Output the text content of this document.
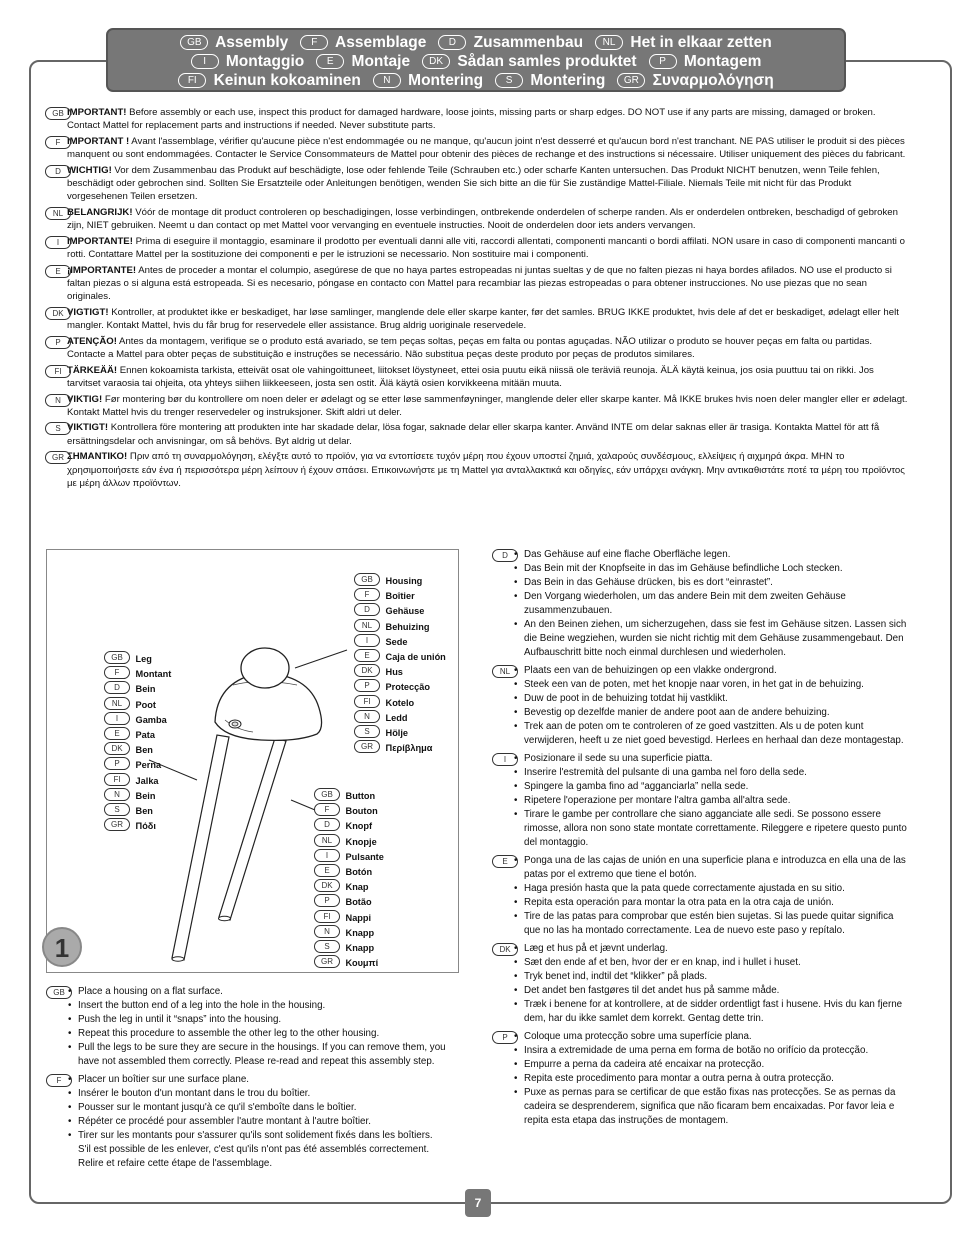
GB Assembly F Assemblage D Zusammenbau NL Het in elkaar zetten
I Montaggio E Montaje DK Sådan samles produktet P Montagem
FI Keinun kokoaminen N Montering S Montering GR Συναρμολόγηση
GB IMPORTANT! Before assembly or each use, inspect this product for damaged hardware, loose joints, missing parts or sharp edges. DO NOT use if any parts are missing, damaged or broken. Contact Mattel for replacement parts and instructions if needed. Never substitute parts.
F IMPORTANT ! Avant l'assemblage, vérifier qu'aucune pièce n'est endommagée ou ne manque, qu'aucun joint n'est desserré et qu'aucun bord n'est tranchant. NE PAS utiliser le produit si des pièces manquent ou sont endommagées. Contacter le Service Consommateurs de Mattel pour obtenir des pièces de rechange et des instructions si nécessaire. Utiliser uniquement des pièces du fabricant.
D WICHTIG! Vor dem Zusammenbau das Produkt auf beschädigte, lose oder fehlende Teile (Schrauben etc.) oder scharfe Kanten untersuchen. Das Produkt NICHT benutzen, wenn Teile fehlen, beschädigt oder gebrochen sind. Sollten Sie Ersatzteile oder Anleitungen benötigen, wenden Sie sich bitte an die für Sie zuständige Mattel-Filiale. Niemals Teile mit nicht für das Produkt vorgesehenen Teilen ersetzen.
NL BELANGRIJK! Vóór de montage dit product controleren op beschadigingen, losse verbindingen, ontbrekende onderdelen of scherpe randen. Als er onderdelen ontbreken, beschadigd of gebroken zijn, NIET gebruiken. Neemt u dan contact op met Mattel voor vervanging en eventuele instructies. Nooit de onderdelen door iets anders vervangen.
I IMPORTANTE! Prima di eseguire il montaggio, esaminare il prodotto per eventuali danni alle viti, raccordi allentati, componenti mancanti o bordi affilati. NON usare in caso di componenti mancanti o rotti. Contattare Mattel per la sostituzione dei componenti e per le istruzioni se necessario. Non sostituire mai i componenti.
E ¡IMPORTANTE! Antes de proceder a montar el columpio, asegúrese de que no haya partes estropeadas ni juntas sueltas y de que no falten piezas ni haya bordes afilados. NO use el producto si faltan piezas o si alguna está estropeada. Si es necesario, póngase en contacto con Mattel para recambiar las piezas estropeadas o para obtener instrucciones. No use piezas que no sean originales.
DK VIGTIGT! Kontroller, at produktet ikke er beskadiget, har løse samlinger, manglende dele eller skarpe kanter, før det samles. BRUG IKKE produktet, hvis dele af det er beskadiget, ødelagt eller helt mangler. Kontakt Mattel, hvis du får brug for reservedele eller assistance. Brug aldrig uoriginale reservedele.
P ATENÇÃO! Antes da montagem, verifique se o produto está avariado, se tem peças soltas, peças em falta ou pontas aguçadas. NÃO utilizar o produto se houver peças em falta ou partidas. Contacte a Mattel para obter peças de substituição e instruções se necessário. Não substitua peças deste produto por peças de produtos similares.
FI TÄRKEÄÄ! Ennen kokoamista tarkista, etteivät osat ole vahingoittuneet, liitokset löystyneet, ettei osia puutu eikä niissä ole teräviä reunoja. ÄLÄ käytä keinua, jos osia puuttuu tai on rikki. Jos tarvitset varaosia tai ohjeita, ota yhteys siihen liikkeeseen, josta sen ostit. Älä käytä osien korvikkeena mitään muuta.
N VIKTIG! Før montering bør du kontrollere om noen deler er ødelagt og se etter løse sammenføyninger, manglende deler eller skarpe kanter. Må IKKE brukes hvis noen deler mangler eller er ødelagt. Kontakt Mattel hvis du trenger reservedeler og instruksjoner. Skift aldri ut deler.
S VIKTIGT! Kontrollera före montering att produkten inte har skadade delar, lösa fogar, saknade delar eller skarpa kanter. Använd INTE om delar saknas eller är trasiga. Kontakta Mattel för att få ersättningsdelar och anvisningar, om så behövs. Byt aldrig ut delar.
GR ΣΗΜΑΝΤΙΚΟ! Πριν από τη συναρμολόγηση, ελέγξτε αυτό το προϊόν, για να εντοπίσετε τυχόν μέρη που έχουν υποστεί ζημιά, χαλαρούς συνδέσμους, ελλείψεις ή αιχμηρά άκρα. ΜΗΝ το χρησιμοποιήσετε εάν ένα ή περισσότερα μέρη λείπουν ή έχουν σπάσει. Επικοινωνήστε με τη Mattel για ανταλλακτικά και οδηγίες, εάν υπάρχει ανάγκη. Μην αντικαθιστάτε ποτέ τα μέρη του προϊόντος με μέρη άλλων προϊόντων.
GB Housing
F Boîtier
D Gehäuse
NL Behuizing
I Sede
E Caja de unión
DK Hus
P Protecção
FI Kotelo
N Ledd
S Hölje
GR Περίβλημα
GB Leg
F Montant
D Bein
NL Poot
I Gamba
E Pata
DK Ben
P Perna
FI Jalka
N Bein
S Ben
GR Πόδι
GB Button
F Bouton
D Knopf
NL Knopje
I Pulsante
E Botón
DK Knap
P Botão
FI Nappi
N Knapp
S Knapp
GR Κουμπί
1
GB	• Place a housing on a flat surface.
• Insert the button end of a leg into the hole in the housing.
• Push the leg in until it “snaps” into the housing.
• Repeat this procedure to assemble the other leg to the other housing.
• Pull the legs to be sure they are secure in the housings. If you can remove them, you have not assembled them correctly. Please re-read and repeat this assembly step.
F	• Placer un boîtier sur une surface plane.
• Insérer le bouton d'un montant dans le trou du boîtier.
• Pousser sur le montant jusqu'à ce qu'il s'emboîte dans le boîtier.
• Répéter ce procédé pour assembler l'autre montant à l'autre boîtier.
• Tirer sur les montants pour s'assurer qu'ils sont solidement fixés dans les boîtiers. S'il est possible de les enlever, c'est qu'ils n'ont pas été assemblés correctement. Relire et refaire cette étape de l'assemblage.
D	• Das Gehäuse auf eine flache Oberfläche legen.
• Das Bein mit der Knopfseite in das im Gehäuse befindliche Loch stecken.
• Das Bein in das Gehäuse drücken, bis es dort “einrastet”.
• Den Vorgang wiederholen, um das andere Bein mit dem zweiten Gehäuse zusammenzubauen.
• An den Beinen ziehen, um sicherzugehen, dass sie fest im Gehäuse sitzen. Lassen sich die Beine wegziehen, wurden sie nicht richtig mit dem Gehäuse zusammengebaut. Den Aufbauschritt bitte noch einmal durchlesen und wiederholen.
NL	• Plaats een van de behuizingen op een vlakke ondergrond.
• Steek een van de poten, met het knopje naar voren, in het gat in de behuizing.
• Duw de poot in de behuizing totdat hij vastklikt.
• Bevestig op dezelfde manier de andere poot aan de andere behuizing.
• Trek aan de poten om te controleren of ze goed vastzitten. Als u de poten kunt verwijderen, heeft u ze niet goed bevestigd. Herlees en herhaal dan deze montagestap.
I	• Posizionare il sede su una superficie piatta.
• Inserire l'estremità del pulsante di una gamba nel foro della sede.
• Spingere la gamba fino ad “agganciarla” nella sede.
• Ripetere l'operazione per montare l'altra gamba all'altra sede.
• Tirare le gambe per controllare che siano agganciate alle sedi. Se possono essere rimosse, allora non sono state montate correttamente. Rileggere e ripetere questo punto del montaggio.
E	• Ponga una de las cajas de unión en una superficie plana e introduzca en ella una de las patas por el extremo que tiene el botón.
• Haga presión hasta que la pata quede correctamente ajustada en su sitio.
• Repita esta operación para montar la otra pata en la otra caja de unión.
• Tire de las patas para comprobar que estén bien sujetas. Si las puede quitar significa que no las ha montado correctamente. Lea de nuevo este paso y repítalo.
DK	• Læg et hus på et jævnt underlag.
• Sæt den ende af et ben, hvor der er en knap, ind i hullet i huset.
• Tryk benet ind, indtil det “klikker” på plads.
• Det andet ben fastgøres til det andet hus på samme måde.
• Træk i benene for at kontrollere, at de sidder ordentligt fast i husene. Hvis du kan fjerne dem, har du ikke samlet dem korrekt. Gentag dette trin.
P	• Coloque uma protecção sobre uma superfície plana.
• Insira a extremidade de uma perna em forma de botão no orifício da protecção.
• Empurre a perna da cadeira até encaixar na protecção.
• Repita este procedimento para montar a outra perna à outra protecção.
• Puxe as pernas para se certificar de que estão fixas nas protecções. Se as pernas da cadeira se desprenderem, significa que não ficaram bem encaixadas. Por favor leia e repita esta etapa das instruções de montagem.
7
